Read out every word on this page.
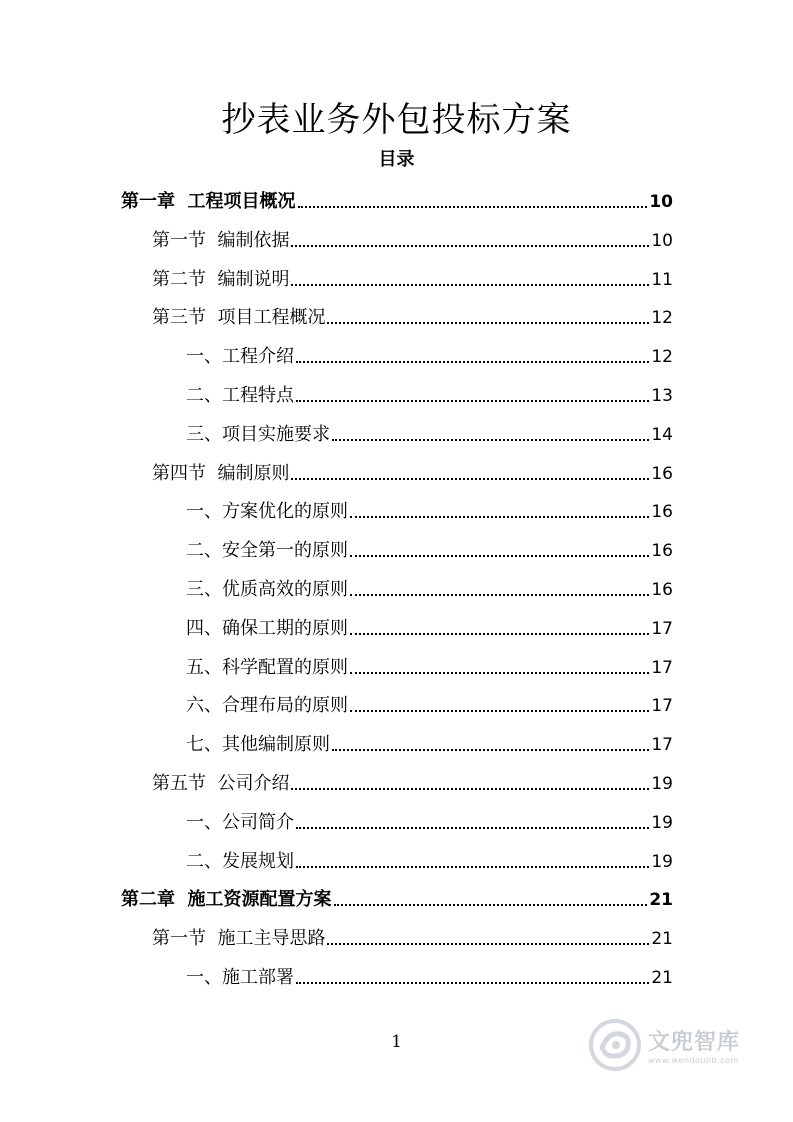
抄表业务外包投标方案
目录
第一章  工程项目概况	10
第一节  编制依据	10
第二节  编制说明	11
第三节  项目工程概况	12
一、工程介绍	12
二、工程特点	13
三、项目实施要求	14
第四节  编制原则	16
一、方案优化的原则	16
二、安全第一的原则	16
三、优质高效的原则	16
四、确保工期的原则	17
五、科学配置的原则	17
六、合理布局的原则	17
七、其他编制原则	17
第五节  公司介绍	19
一、公司简介	19
二、发展规划	19
第二章  施工资源配置方案	21
第一节  施工主导思路	21
一、施工部署	21
1	文兜智库
www.wendoulib.com
